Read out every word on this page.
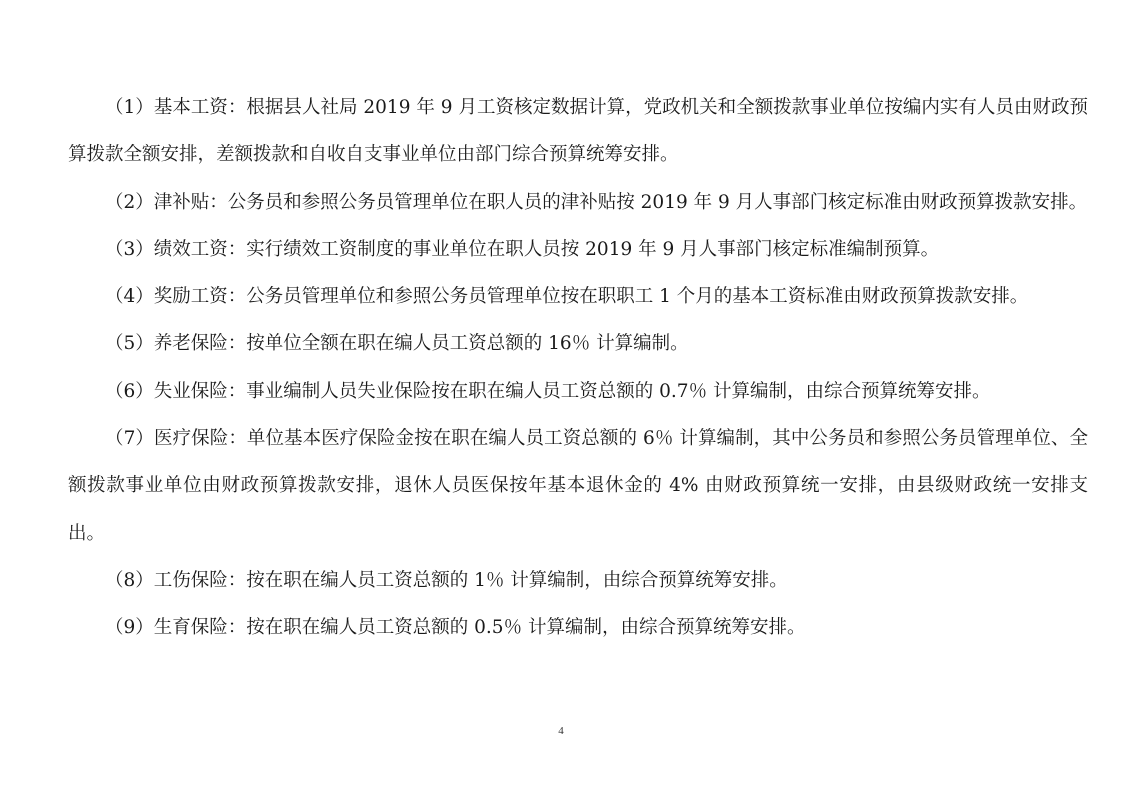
（1）基本工资：根据县人社局 2019 年 9 月工资核定数据计算，党政机关和全额拨款事业单位按编内实有人员由财政预算拨款全额安排，差额拨款和自收自支事业单位由部门综合预算统筹安排。

（2）津补贴：公务员和参照公务员管理单位在职人员的津补贴按 2019 年 9 月人事部门核定标准由财政预算拨款安排。

（3）绩效工资：实行绩效工资制度的事业单位在职人员按 2019 年 9 月人事部门核定标准编制预算。

（4）奖励工资：公务员管理单位和参照公务员管理单位按在职职工 1 个月的基本工资标准由财政预算拨款安排。

（5）养老保险：按单位全额在职在编人员工资总额的 16％ 计算编制。

（6）失业保险：事业编制人员失业保险按在职在编人员工资总额的 0.7％ 计算编制，由综合预算统筹安排。

（7）医疗保险：单位基本医疗保险金按在职在编人员工资总额的 6％ 计算编制，其中公务员和参照公务员管理单位、全额拨款事业单位由财政预算拨款安排，退休人员医保按年基本退休金的 4% 由财政预算统一安排，由县级财政统一安排支出。

（8）工伤保险：按在职在编人员工资总额的 1％ 计算编制，由综合预算统筹安排。

（9）生育保险：按在职在编人员工资总额的 0.5％ 计算编制，由综合预算统筹安排。

4
